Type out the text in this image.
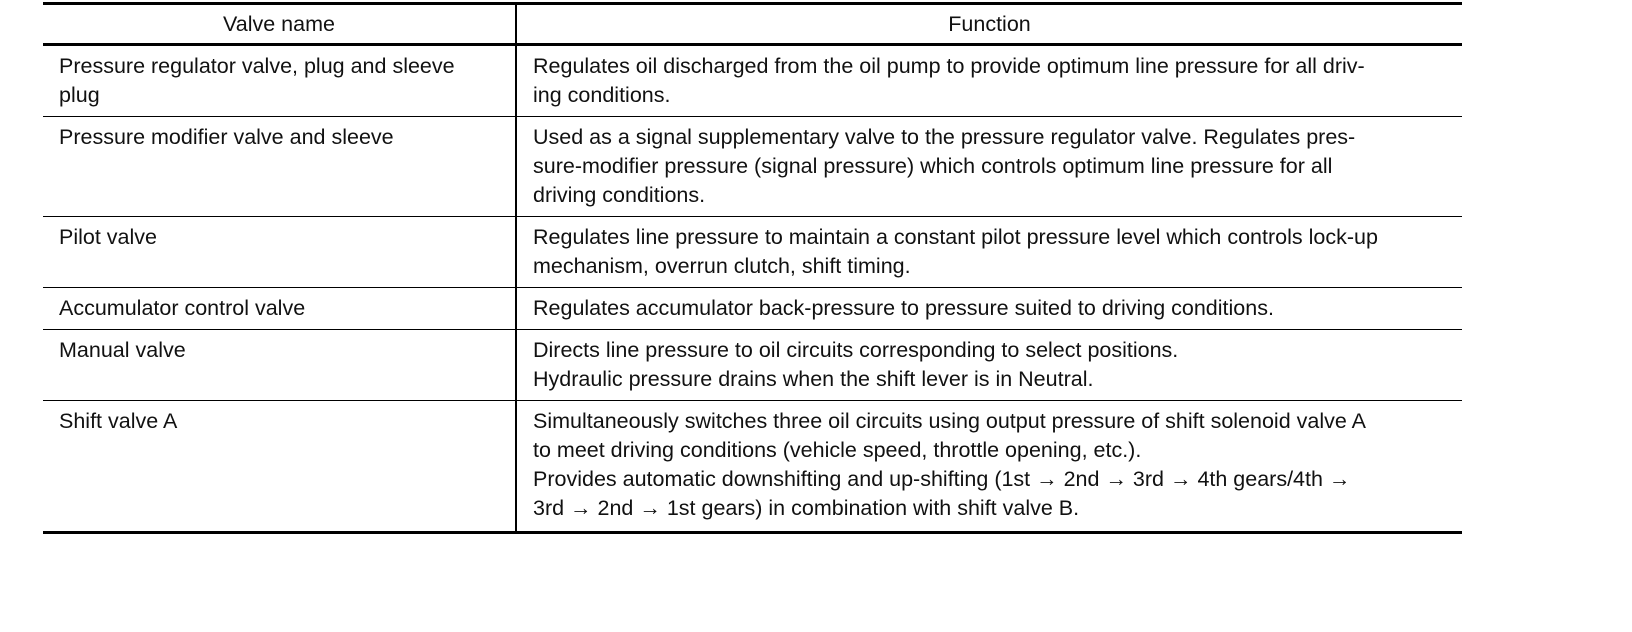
Valve name	Function

Pressure regulator valve, plug and sleeve
plug	Regulates oil discharged from the oil pump to provide optimum line pressure for all driv-
ing conditions.

Pressure modifier valve and sleeve	Used as a signal supplementary valve to the pressure regulator valve. Regulates pres-
sure-modifier pressure (signal pressure) which controls optimum line pressure for all
driving conditions.

Pilot valve	Regulates line pressure to maintain a constant pilot pressure level which controls lock-up
mechanism, overrun clutch, shift timing.

Accumulator control valve	Regulates accumulator back-pressure to pressure suited to driving conditions.

Manual valve	Directs line pressure to oil circuits corresponding to select positions.
Hydraulic pressure drains when the shift lever is in Neutral.

Shift valve A	Simultaneously switches three oil circuits using output pressure of shift solenoid valve A
to meet driving conditions (vehicle speed, throttle opening, etc.).
Provides automatic downshifting and up-shifting (1st → 2nd → 3rd → 4th gears/4th →
3rd → 2nd → 1st gears) in combination with shift valve B.
